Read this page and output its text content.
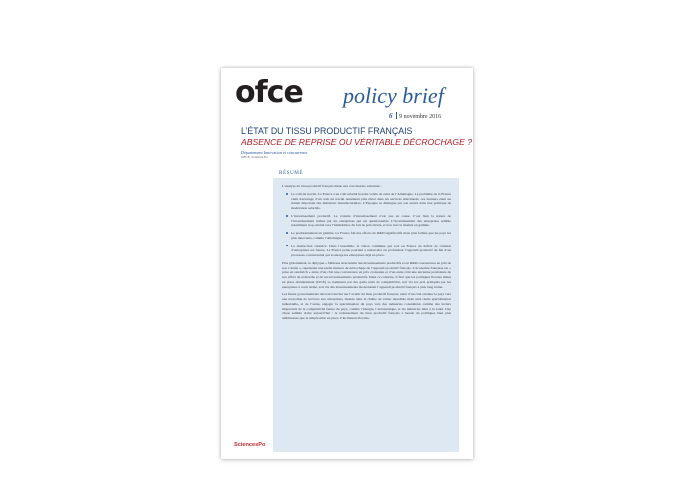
ofce policy brief
6 9 novembre 2016
L’ÉTAT DU TISSU PRODUCTIF FRANÇAIS
ABSENCE DE REPRISE OU VÉRITABLE DÉCROCHAGE ?
Département Innovation et concurrence
OFCE, Sciences Po
RÉSUMÉ

L’analyse du tissu productif français mène aux conclusions suivantes :

Le coût du travail. La France a un coût salarial horaire voisin de celui de l’Allemagne. Le problème de la France vient davantage d’un coût du travail nettement plus élevé dans les services marchands, ces derniers étant un intrant important des industries manufacturières. L’Espagne se distingue par son entrée dans une politique de modération salariale.
L’investissement productif. Le volume d’investissement n’est pas en cause. C’est bien la nature de l’investissement réalisé par les entreprises qui est questionnable. L’investissement des entreprises semble notamment trop orienté vers l’immobilier, du fait de prix élevés, et non vers la montée en gamme.
Le positionnement en gamme. La France fait des efforts de R&D significatifs mais plus faibles que les pays les plus innovants, comme l’Allemagne.
La destruction créatrice. Dans l’ensemble, la vision commune qui voit en France un déficit de création d’entreprises est fausse. La France peine pourtant à renouveler en profondeur l’appareil productif du fait d’un processus concurrentiel qui avantage les entreprises déjà en place.

Plus globalement, le diptyque « faiblesse structurelle des investissements productifs et en R&D-concurrence en prix de nos voisins », représente une réelle menace de décrochage de l’appareil productif français. L’économie française est « prise en sandwich » entre d’un côté une concurrence en prix croissante et d’un autre côté une ancienne persistante de son effort de recherche et de ses investissements productifs. Dans ce contexte, il faut que les politiques fiscales mises en place dernièrement (CICE) se traduisent par des gains réels de compétitivité, soit via les prix pratiqués par les entreprises à court terme, soit via des investissements modernisant l’appareil productif français à plus long terme.

Les futurs gouvernements devront trancher sur l’avenir du tissu productif français, entre d’un côté orienter le pays vers une économie de services aux entreprises, insérée dans la chaîne de valeur mondiale mais sans réelle spécialisation industrielle, et de l’autre, engager la spécialisation du pays vers des industries considérées comme des leviers importants de la compétitivité future du pays, comme l’énergie, l’aéronautique, et les industries liées à la santé. Une chose semble claire aujourd’hui : le redressement du tissu productif français a besoin de politiques bien plus ambitieuses que la simple mise en place d’incitations fiscales.

SciencesPo
